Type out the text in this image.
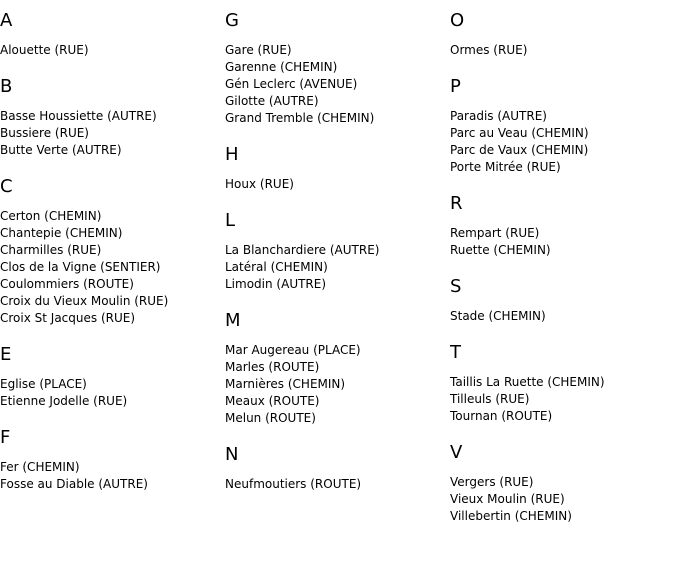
A
Alouette (RUE)
B
Basse Houssiette (AUTRE)
Bussiere (RUE)
Butte Verte (AUTRE)
C
Certon (CHEMIN)
Chantepie (CHEMIN)
Charmilles (RUE)
Clos de la Vigne (SENTIER)
Coulommiers (ROUTE)
Croix du Vieux Moulin (RUE)
Croix St Jacques (RUE)
E
Eglise (PLACE)
Etienne Jodelle (RUE)
F
Fer (CHEMIN)
Fosse au Diable (AUTRE)
G
Gare (RUE)
Garenne (CHEMIN)
Gén Leclerc (AVENUE)
Gilotte (AUTRE)
Grand Tremble (CHEMIN)
H
Houx (RUE)
L
La Blanchardiere (AUTRE)
Latéral (CHEMIN)
Limodin (AUTRE)
M
Mar Augereau (PLACE)
Marles (ROUTE)
Marnières (CHEMIN)
Meaux (ROUTE)
Melun (ROUTE)
N
Neufmoutiers (ROUTE)
O
Ormes (RUE)
P
Paradis (AUTRE)
Parc au Veau (CHEMIN)
Parc de Vaux (CHEMIN)
Porte Mitrée (RUE)
R
Rempart (RUE)
Ruette (CHEMIN)
S
Stade (CHEMIN)
T
Taillis La Ruette (CHEMIN)
Tilleuls (RUE)
Tournan (ROUTE)
V
Vergers (RUE)
Vieux Moulin (RUE)
Villebertin (CHEMIN)
